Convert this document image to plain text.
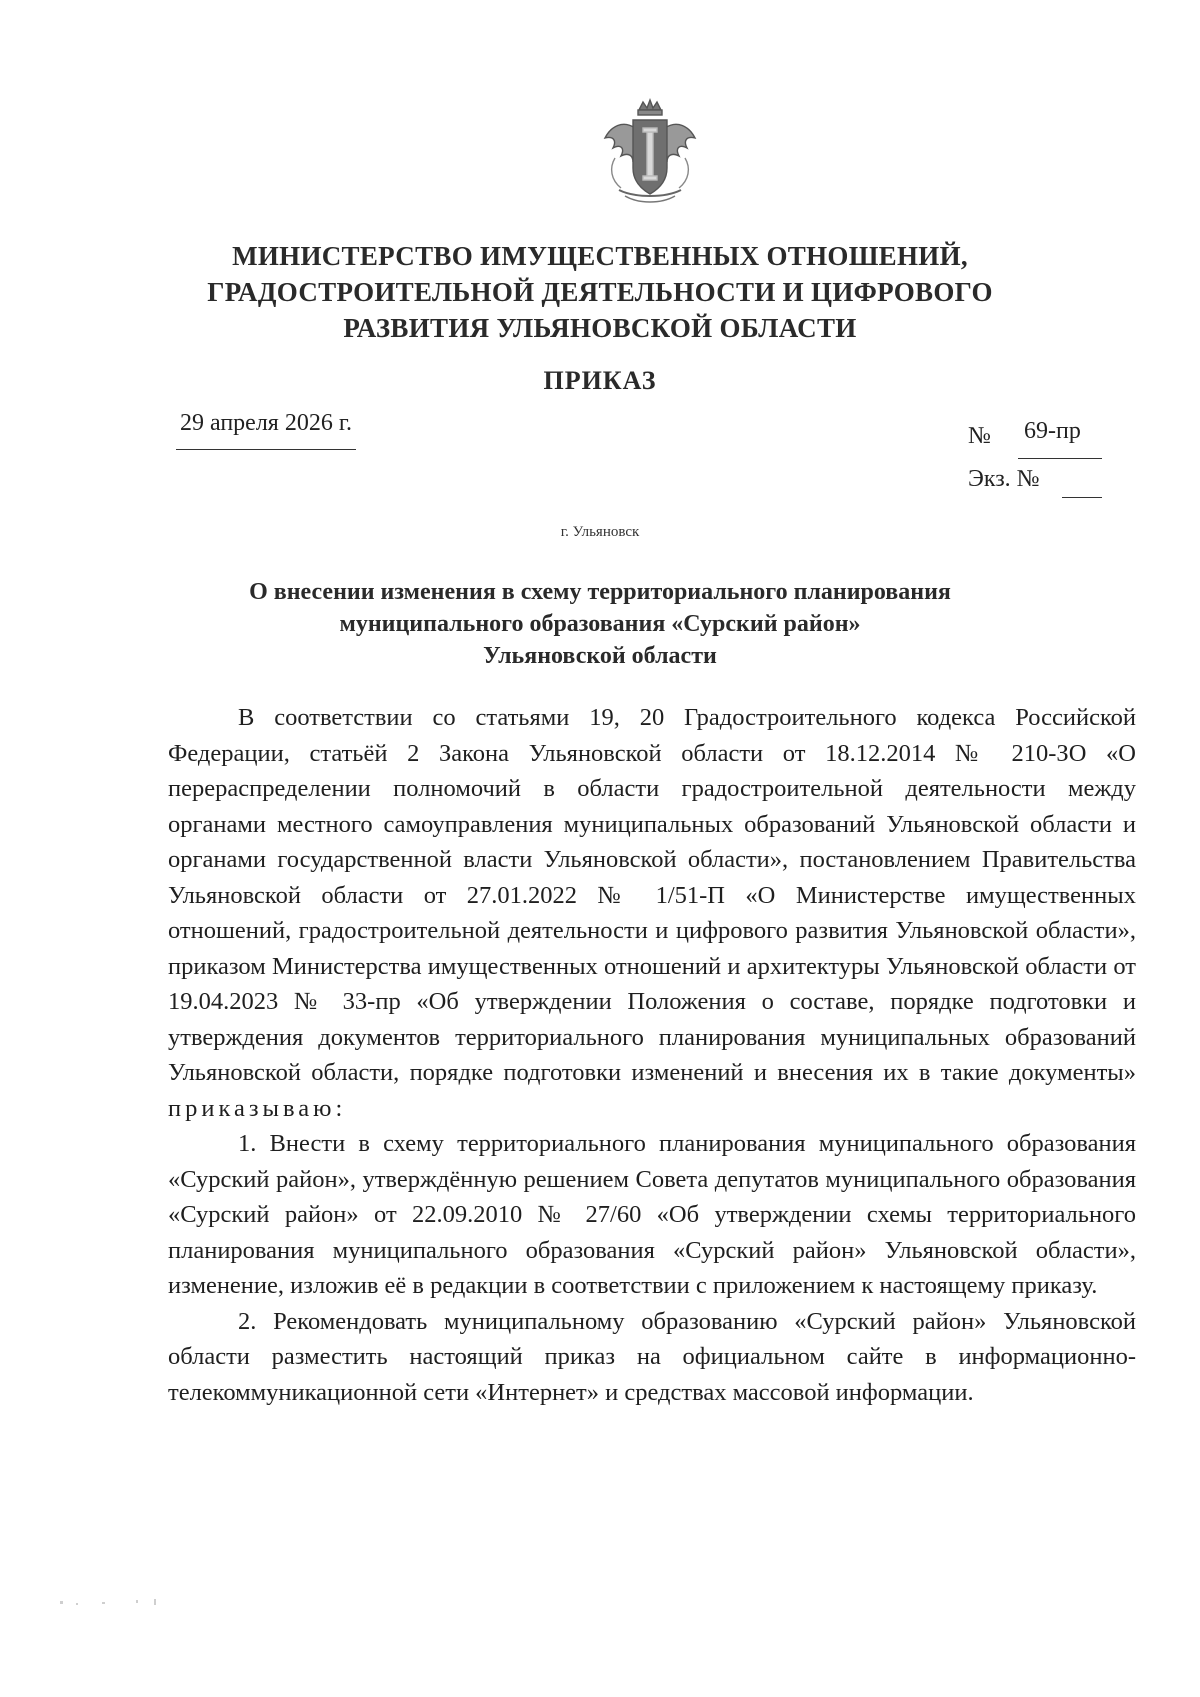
МИНИСТЕРСТВО ИМУЩЕСТВЕННЫХ ОТНОШЕНИЙ,
ГРАДОСТРОИТЕЛЬНОЙ ДЕЯТЕЛЬНОСТИ И ЦИФРОВОГО
РАЗВИТИЯ УЛЬЯНОВСКОЙ ОБЛАСТИ
ПРИКАЗ
29 апреля 2026 г.	№ 69-пр
Экз. №
г. Ульяновск
О внесении изменения в схему территориального планирования
муниципального образования «Сурский район»
Ульяновской области

В соответствии со статьями 19, 20 Градостроительного кодекса Российской Федерации, статьёй 2 Закона Ульяновской области от 18.12.2014 № 210-ЗО «О перераспределении полномочий в области градостроительной деятельности между органами местного самоуправления муниципальных образований Ульяновской области и органами государственной власти Ульяновской области», постановлением Правительства Ульяновской области от 27.01.2022 № 1/51-П «О Министерстве имущественных отношений, градостроительной деятельности и цифрового развития Ульяновской области», приказом Министерства имущественных отношений и архитектуры Ульяновской области от 19.04.2023 № 33-пр «Об утверждении Положения о составе, порядке подготовки и утверждения документов территориального планирования муниципальных образований Ульяновской области, порядке подготовки изменений и внесения их в такие документы» приказываю:

1. Внести в схему территориального планирования муниципального образования «Сурский район», утверждённую решением Совета депутатов муниципального образования «Сурский район» от 22.09.2010 № 27/60 «Об утверждении схемы территориального планирования муниципального образования «Сурский район» Ульяновской области», изменение, изложив её в редакции в соответствии с приложением к настоящему приказу.

2. Рекомендовать муниципальному образованию «Сурский район» Ульяновской области разместить настоящий приказ на официальном сайте в информационно-телекоммуникационной сети «Интернет» и средствах массовой информации.
